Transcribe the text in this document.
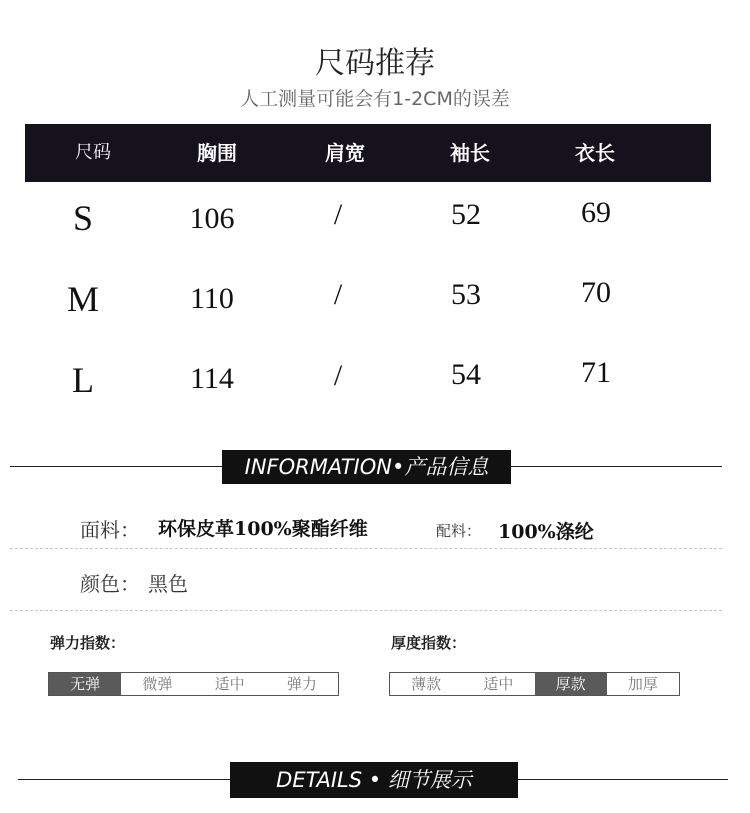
尺码推荐
人工测量可能会有1-2CM的误差
尺码	胸围	肩宽	袖长	衣长
S	106	/	52	69
M	110	/	53	70
L	114	/	54	71
INFORMATION•产品信息
面料： 环保皮革100%聚酯纤维	配料： 100%涤纶
颜色： 黑色
弹力指数：
无弹	微弹	适中	弹力
厚度指数：
薄款	适中	厚款	加厚
DETAILS • 细节展示
